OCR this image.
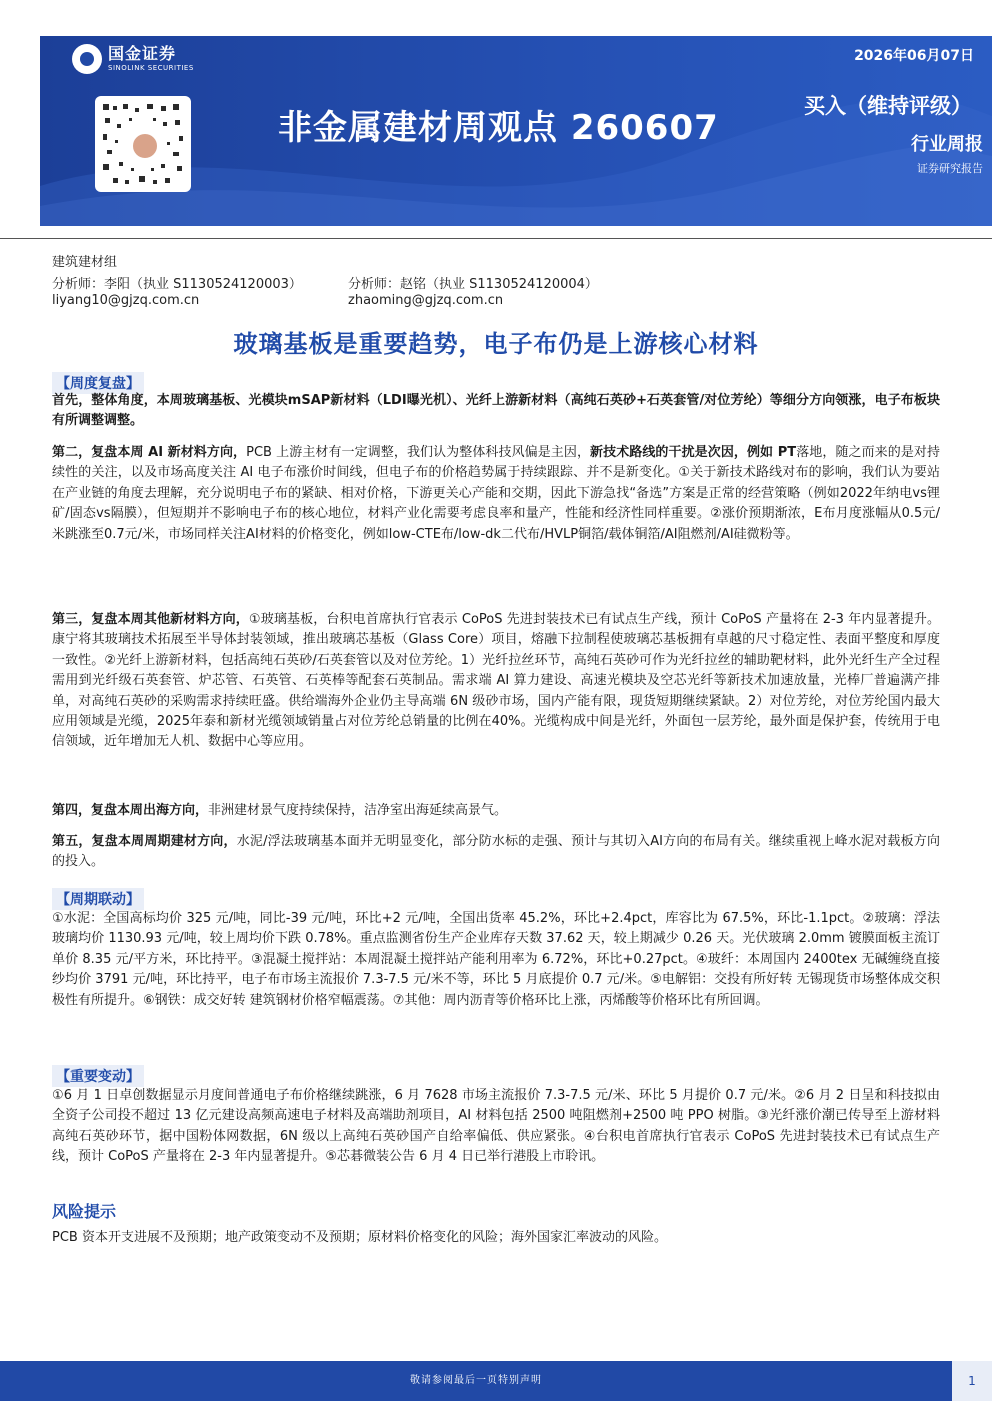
国金证券
SINOLINK SECURITIES
非金属建材周观点 260607
2026年06月07日
买入（维持评级）
行业周报
证券研究报告
建筑建材组
分析师：李阳（执业 S1130524120003）	分析师：赵铭（执业 S1130524120004）
liyang10@gjzq.com.cn	zhaoming@gjzq.com.cn
玻璃基板是重要趋势，电子布仍是上游核心材料
【周度复盘】
首先，整体角度，本周玻璃基板、光模块mSAP新材料（LDI曝光机）、光纤上游新材料（高纯石英砂+石英套管/对位芳纶）等细分方向领涨，电子布板块有所调整调整。
第二，复盘本周 AI 新材料方向，PCB 上游主材有一定调整，我们认为整体科技风偏是主因，新技术路线的干扰是次因，例如 PT落地，随之而来的是对持续性的关注，以及市场高度关注 AI 电子布涨价时间线，但电子布的价格趋势属于持续跟踪、并不是新变化。①关于新技术路线对布的影响，我们认为要站在产业链的角度去理解，充分说明电子布的紧缺、相对价格，下游更关心产能和交期，因此下游急找“备选”方案是正常的经营策略（例如2022年纳电vs锂矿/固态vs隔膜），但短期并不影响电子布的核心地位，材料产业化需要考虑良率和量产，性能和经济性同样重要。②涨价预期渐浓，E布月度涨幅从0.5元/米跳涨至0.7元/米，市场同样关注AI材料的价格变化，例如low-CTE布/low-dk二代布/HVLP铜箔/载体铜箔/AI阻燃剂/AI硅微粉等。
第三，复盘本周其他新材料方向，①玻璃基板，台积电首席执行官表示 CoPoS 先进封装技术已有试点生产线，预计 CoPoS 产量将在 2-3 年内显著提升。康宁将其玻璃技术拓展至半导体封装领域，推出玻璃芯基板（Glass Core）项目，熔融下拉制程使玻璃芯基板拥有卓越的尺寸稳定性、表面平整度和厚度一致性。②光纤上游新材料，包括高纯石英砂/石英套管以及对位芳纶。1）光纤拉丝环节，高纯石英砂可作为光纤拉丝的辅助靶材料，此外光纤生产全过程需用到光纤级石英套管、炉芯管、石英管、石英棒等配套石英制品。需求端 AI 算力建设、高速光模块及空芯光纤等新技术加速放量，光棒厂普遍满产排单，对高纯石英砂的采购需求持续旺盛。供给端海外企业仍主导高端 6N 级砂市场，国内产能有限，现货短期继续紧缺。2）对位芳纶，对位芳纶国内最大应用领域是光缆，2025年泰和新材光缆领域销量占对位芳纶总销量的比例在40%。光缆构成中间是光纤，外面包一层芳纶，最外面是保护套，传统用于电信领域，近年增加无人机、数据中心等应用。
第四，复盘本周出海方向，非洲建材景气度持续保持，洁净室出海延续高景气。
第五，复盘本周周期建材方向，水泥/浮法玻璃基本面并无明显变化，部分防水标的走强、预计与其切入AI方向的布局有关。继续重视上峰水泥对载板方向的投入。
【周期联动】
①水泥：全国高标均价 325 元/吨，同比-39 元/吨，环比+2 元/吨，全国出货率 45.2%，环比+2.4pct，库容比为 67.5%，环比-1.1pct。②玻璃：浮法玻璃均价 1130.93 元/吨，较上周均价下跌 0.78%。重点监测省份生产企业库存天数 37.62 天，较上期减少 0.26 天。光伏玻璃 2.0mm 镀膜面板主流订单价 8.35 元/平方米，环比持平。③混凝土搅拌站：本周混凝土搅拌站产能利用率为 6.72%，环比+0.27pct。④玻纤：本周国内 2400tex 无碱缠绕直接纱均价 3791 元/吨，环比持平，电子布市场主流报价 7.3-7.5 元/米不等，环比 5 月底提价 0.7 元/米。⑤电解铝：交投有所好转 无锡现货市场整体成交积极性有所提升。⑥钢铁：成交好转 建筑钢材价格窄幅震荡。⑦其他：周内沥青等价格环比上涨，丙烯酸等价格环比有所回调。
【重要变动】
①6 月 1 日卓创数据显示月度间普通电子布价格继续跳涨，6 月 7628 市场主流报价 7.3-7.5 元/米、环比 5 月提价 0.7 元/米。②6 月 2 日呈和科技拟由全资子公司投不超过 13 亿元建设高频高速电子材料及高端助剂项目，AI 材料包括 2500 吨阻燃剂+2500 吨 PPO 树脂。③光纤涨价潮已传导至上游材料高纯石英砂环节，据中国粉体网数据，6N 级以上高纯石英砂国产自给率偏低、供应紧张。④台积电首席执行官表示 CoPoS 先进封装技术已有试点生产线，预计 CoPoS 产量将在 2-3 年内显著提升。⑤芯碁微装公告 6 月 4 日已举行港股上市聆讯。
风险提示
PCB 资本开支进展不及预期；地产政策变动不及预期；原材料价格变化的风险；海外国家汇率波动的风险。
敬请参阅最后一页特别声明	1
